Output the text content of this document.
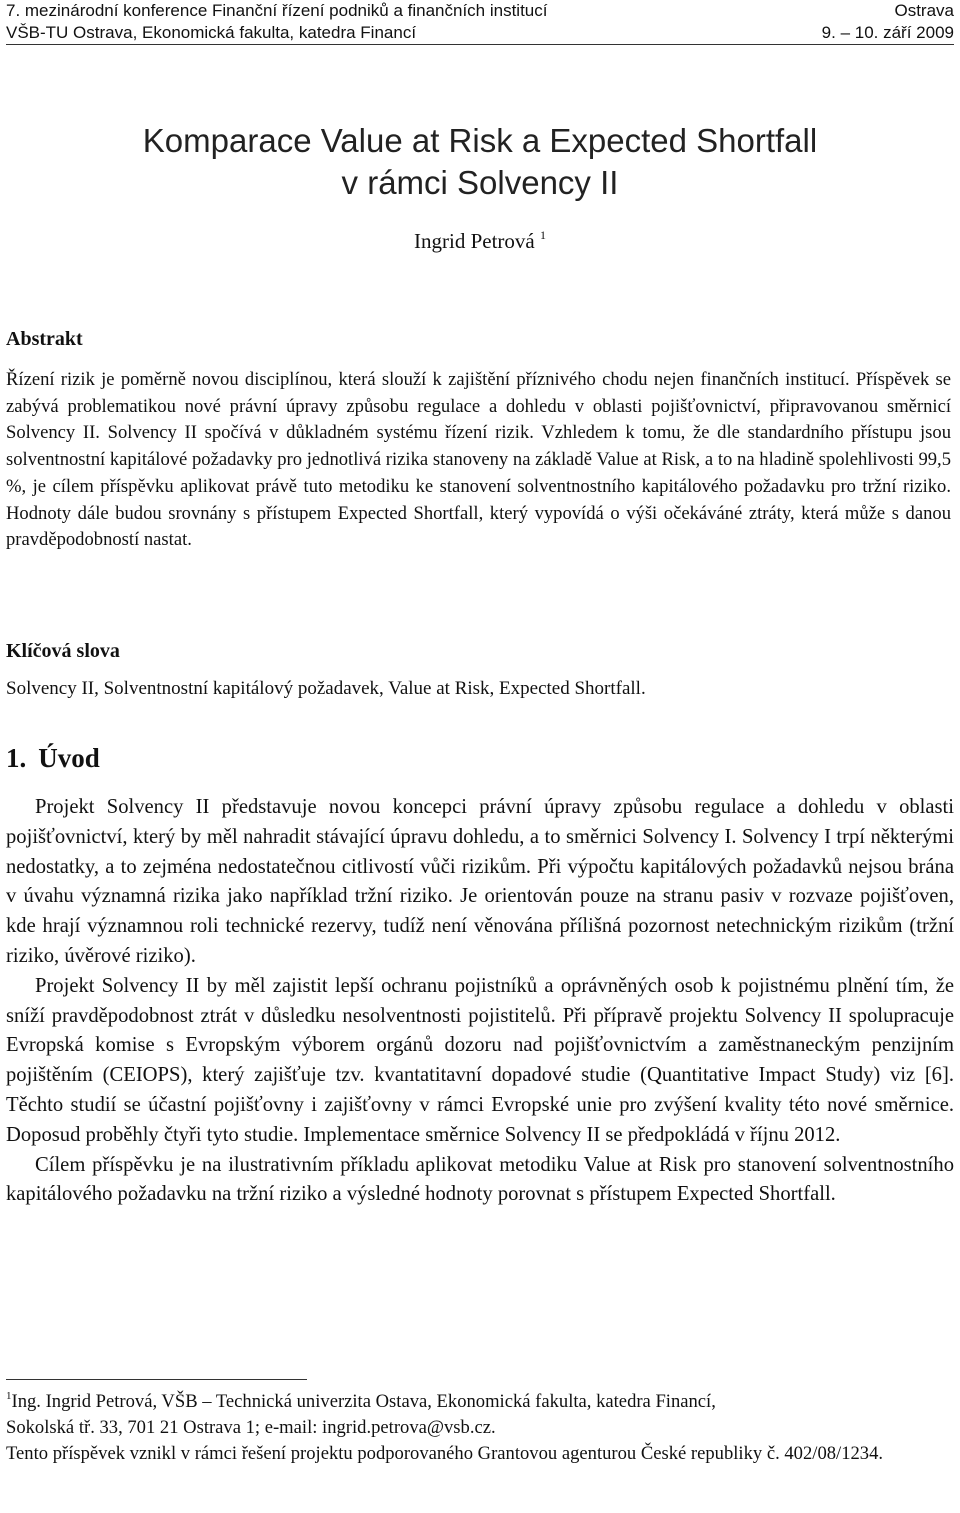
7. mezinárodní konference Finanční řízení podniků a finančních institucí	Ostrava
VŠB-TU Ostrava, Ekonomická fakulta, katedra Financí	9. – 10. září 2009
Komparace Value at Risk a Expected Shortfall
v rámci Solvency II
Ingrid Petrová $^1$
Abstrakt
Řízení rizik je poměrně novou disciplínou, která slouží k zajištění příznivého chodu nejen finančních institucí. Příspěvek se zabývá problematikou nové právní úpravy způsobu regulace a dohledu v oblasti pojišťovnictví, připravovanou směrnicí Solvency II. Solvency II spočívá v důkladném systému řízení rizik. Vzhledem k tomu, že dle standardního přístupu jsou solventnostní kapitálové požadavky pro jednotlivá rizika stanoveny na základě Value at Risk, a to na hladině spolehlivosti 99,5 %, je cílem příspěvku aplikovat právě tuto metodiku ke stanovení solventnostního kapitálového požadavku pro tržní riziko. Hodnoty dále budou srovnány s přístupem Expected Shortfall, který vypovídá o výši očekáváné ztráty, která může s danou pravděpodobností nastat.
Klíčová slova
Solvency II, Solventnostní kapitálový požadavek, Value at Risk, Expected Shortfall.
1. Úvod

Projekt Solvency II představuje novou koncepci právní úpravy způsobu regulace a dohledu v oblasti pojišťovnictví, který by měl nahradit stávající úpravu dohledu, a to směrnici Solvency I. Solvency I trpí některými nedostatky, a to zejména nedostatečnou citlivostí vůči rizikům. Při výpočtu kapitálových požadavků nejsou brána v úvahu významná rizika jako například tržní riziko. Je orientován pouze na stranu pasiv v rozvaze pojišťoven, kde hrají významnou roli technické rezervy, tudíž není věnována přílišná pozornost netechnickým rizikům (tržní riziko, úvěrové riziko).

Projekt Solvency II by měl zajistit lepší ochranu pojistníků a oprávněných osob k pojistnému plnění tím, že sníží pravděpodobnost ztrát v důsledku nesolventnosti pojistitelů. Při přípravě projektu Solvency II spolupracuje Evropská komise s Evropským výborem orgánů dozoru nad pojišťovnictvím a zaměstnaneckým penzijním pojištěním (CEIOPS), který zajišťuje tzv. kvantatitavní dopadové studie (Quantitative Impact Study) viz [6]. Těchto studií se účastní pojišťovny i zajišťovny v rámci Evropské unie pro zvýšení kvality této nové směrnice. Doposud proběhly čtyři tyto studie. Implementace směrnice Solvency II se předpokládá v říjnu 2012.

Cílem příspěvku je na ilustrativním příkladu aplikovat metodiku Value at Risk pro stanovení solventnostního kapitálového požadavku na tržní riziko a výsledné hodnoty porovnat s přístupem Expected Shortfall.

$^1$Ing. Ingrid Petrová, VŠB – Technická univerzita Ostava, Ekonomická fakulta, katedra Financí,

Sokolská tř. 33, 701 21 Ostrava 1; e-mail: ingrid.petrova@vsb.cz.

Tento příspěvek vznikl v rámci řešení projektu podporovaného Grantovou agenturou České republiky č. 402/08/1234.
